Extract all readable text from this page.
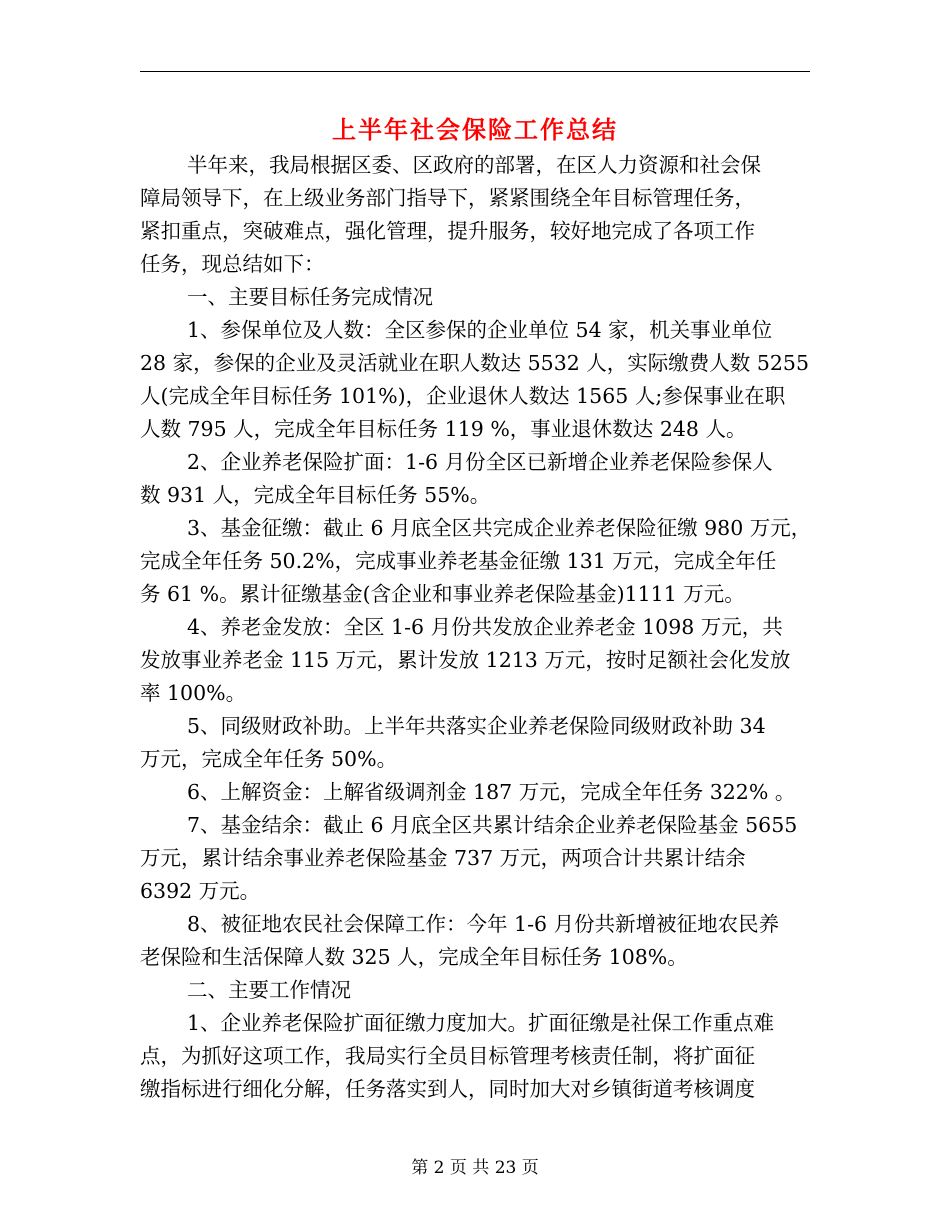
上半年社会保险工作总结
半年来，我局根据区委、区政府的部署，在区人力资源和社会保
障局领导下，在上级业务部门指导下，紧紧围绕全年目标管理任务，
紧扣重点，突破难点，强化管理，提升服务，较好地完成了各项工作
任务，现总结如下：
一、主要目标任务完成情况
1、参保单位及人数：全区参保的企业单位 54 家，机关事业单位
28 家，参保的企业及灵活就业在职人数达 5532 人，实际缴费人数 5255
人(完成全年目标任务 101%)，企业退休人数达 1565 人;参保事业在职
人数 795 人，完成全年目标任务 119 %，事业退休数达 248 人。
2、企业养老保险扩面：1-6 月份全区已新增企业养老保险参保人
数 931 人，完成全年目标任务 55%。
3、基金征缴：截止 6 月底全区共完成企业养老保险征缴 980 万元，
完成全年任务 50.2%，完成事业养老基金征缴 131 万元，完成全年任
务 61 %。累计征缴基金(含企业和事业养老保险基金)1111 万元。
4、养老金发放：全区 1-6 月份共发放企业养老金 1098 万元，共
发放事业养老金 115 万元，累计发放 1213 万元，按时足额社会化发放
率 100%。
5、同级财政补助。上半年共落实企业养老保险同级财政补助 34
万元，完成全年任务 50%。
6、上解资金：上解省级调剂金 187 万元，完成全年任务 322% 。
7、基金结余：截止 6 月底全区共累计结余企业养老保险基金 5655
万元，累计结余事业养老保险基金 737 万元，两项合计共累计结余
6392 万元。
8、被征地农民社会保障工作：今年 1-6 月份共新增被征地农民养
老保险和生活保障人数 325 人，完成全年目标任务 108%。
二、主要工作情况
1、企业养老保险扩面征缴力度加大。扩面征缴是社保工作重点难
点，为抓好这项工作，我局实行全员目标管理考核责任制，将扩面征
缴指标进行细化分解，任务落实到人，同时加大对乡镇街道考核调度
第 2 页 共 23 页
